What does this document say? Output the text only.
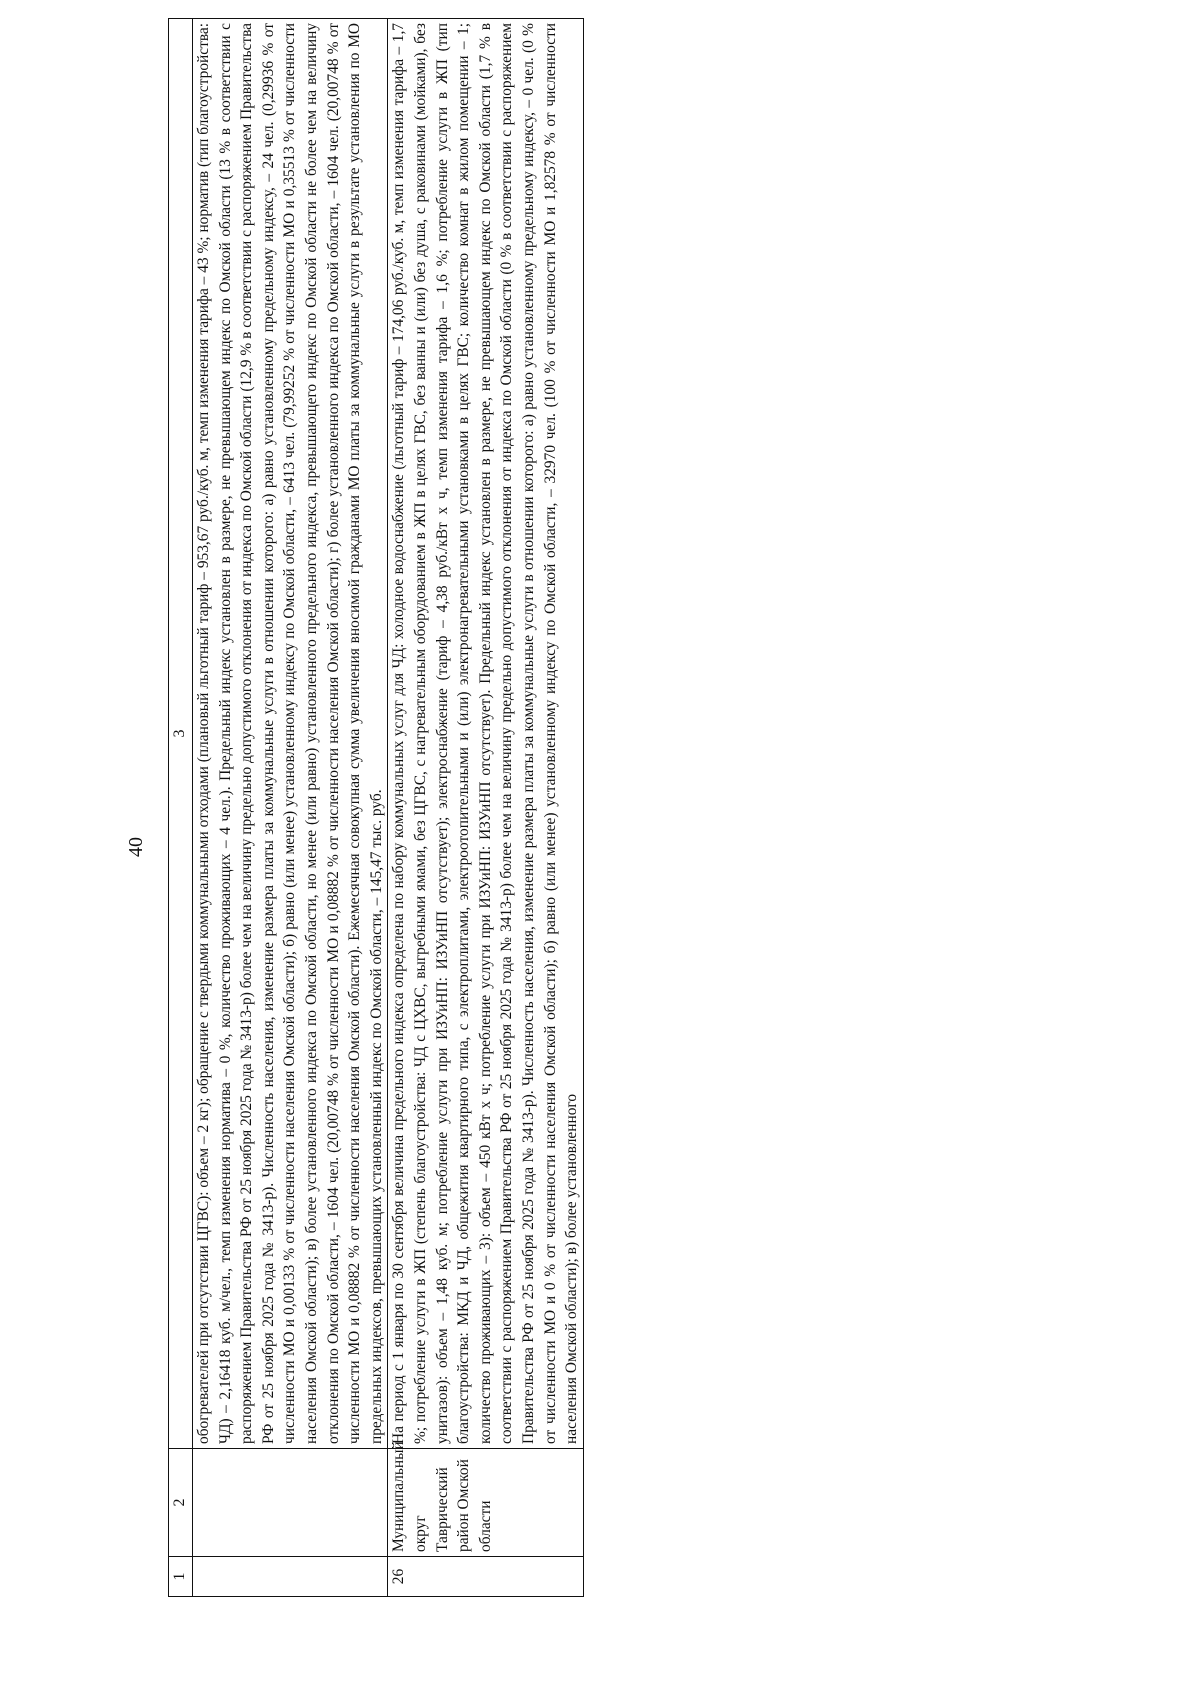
40
1	2	3
		обогревателей при отсутствии ЦГВС): объем – 2 кг); обращение с твердыми коммунальными отходами (плановый льготный тариф – 953,67 руб./куб. м, темп изменения тарифа – 43 %; норматив (тип благоустройства: ЧД) – 2,16418 куб. м/чел., темп изменения норматива – 0 %, количество проживающих – 4 чел.). Предельный индекс установлен в размере, не превышающем индекс по Омской области (13 % в соответствии с распоряжением Правительства РФ от 25 ноября 2025 года № 3413-р) более чем на величину предельно допустимого отклонения от индекса по Омской области (12,9 % в соответствии с распоряжением Правительства РФ от 25 ноября 2025 года № 3413-р). Численность населения, изменение размера платы за коммунальные услуги в отношении которого: а) равно установленному предельному индексу, – 24 чел. (0,29936 % от численности МО и 0,00133 % от численности населения Омской области); б) равно (или менее) установленному индексу по Омской области, – 6413 чел. (79,99252 % от численности МО и 0,35513 % от численности населения Омской области); в) более установленного индекса по Омской области, но менее (или равно) установленного предельного индекса, превышающего индекс по Омской области не более чем на величину отклонения по Омской области, – 1604 чел. (20,00748 % от численности МО и 0,08882 % от численности населения Омской области); г) более установленного индекса по Омской области, – 1604 чел. (20,00748 % от численности МО и 0,08882 % от численности населения Омской области). Ежемесячная совокупная сумма увеличения вносимой гражданами МО платы за коммунальные услуги в результате установления по МО предельных индексов, превышающих установленный индекс по Омской области, – 145,47 тыс. руб.
26	Муниципальный округ Таврический район Омской области	На период с 1 января по 30 сентября величина предельного индекса определена по набору коммунальных услуг для ЧД: холодное водоснабжение (льготный тариф – 174,06 руб./куб. м, темп изменения тарифа – 1,7 %; потребление услуги в ЖП (степень благоустройства: ЧД с ЦХВС, выгребными ямами, без ЦГВС, с нагревательным оборудованием в ЖП в целях ГВС, без ванны и (или) без душа, с раковинами (мойками), без унитазов): объем – 1,48 куб. м; потребление услуги при ИЗУиНП: ИЗУиНП отсутствует); электроснабжение (тариф – 4,38 руб./кВт х ч, темп изменения тарифа – 1,6 %; потребление услуги в ЖП (тип благоустройства: МКД и ЧД, общежития квартирного типа, с электроплитами, электроотопительными и (или) электронагревательными установками в целях ГВС; количество комнат в жилом помещении – 1; количество проживающих – 3): объем – 450 кВт х ч; потребление услуги при ИЗУиНП: ИЗУиНП отсутствует). Предельный индекс установлен в размере, не превышающем индекс по Омской области (1,7 % в соответствии с распоряжением Правительства РФ от 25 ноября 2025 года № 3413-р) более чем на величину предельно допустимого отклонения от индекса по Омской области (0 % в соответствии с распоряжением Правительства РФ от 25 ноября 2025 года № 3413-р). Численность населения, изменение размера платы за коммунальные услуги в отношении которого: а) равно установленному предельному индексу, – 0 чел. (0 % от численности МО и 0 % от численности населения Омской области); б) равно (или менее) установленному индексу по Омской области, – 32970 чел. (100 % от численности МО и 1,82578 % от численности населения Омской области); в) более установленного
